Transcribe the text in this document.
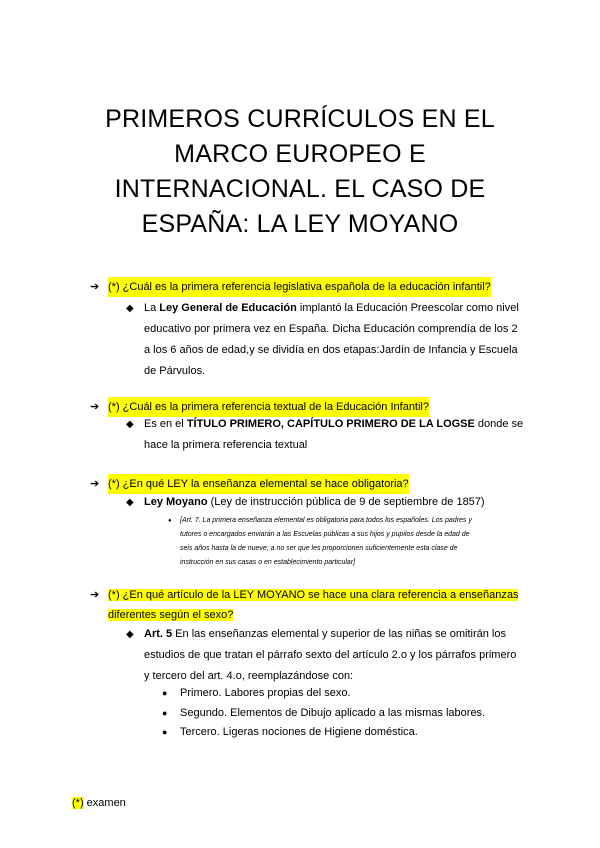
PRIMEROS CURRÍCULOS EN EL
MARCO EUROPEO E
INTERNACIONAL. EL CASO DE
ESPAÑA: LA LEY MOYANO
➔ (*) ¿Cuál es la primera referencia legislativa española de la educación infantil?
◆ La Ley General de Educación implantó la Educación Preescolar como nivel
educativo por primera vez en España. Dicha Educación comprendía de los 2
a los 6 años de edad,y se dividía en dos etapas:Jardín de Infancia y Escuela
de Párvulos.
➔ (*) ¿Cuál es la primera referencia textual de la Educación Infantil?
◆ Es en el TÍTULO PRIMERO, CAPÍTULO PRIMERO DE LA LOGSE donde se
hace la primera referencia textual
➔ (*) ¿En qué LEY la enseñanza elemental se hace obligatoria?
◆ Ley Moyano (Ley de instrucción pública de 9 de septiembre de 1857)
● [Art. 7. La primera enseñanza elemental es obligatoria para todos los españoles. Los padres y
tutores o encargados enviarán a las Escuelas públicas a sus hijos y pupilos desde la edad de
seis años hasta la de nueve; a no ser que les proporcionen suficientemente esta clase de
instrucción en sus casas o en establecimiento particular]
➔ (*) ¿En qué artículo de la LEY MOYANO se hace una clara referencia a enseñanzas
diferentes según el sexo?
◆ Art. 5 En las enseñanzas elemental y superior de las niñas se omitirán los
estudios de que tratan el párrafo sexto del artículo 2.o y los párrafos primero
y tercero del art. 4.o, reemplazándose con:
● Primero. Labores propias del sexo.
● Segundo. Elementos de Dibujo aplicado a las mismas labores.
● Tercero. Ligeras nociones de Higiene doméstica.
(*) examen
